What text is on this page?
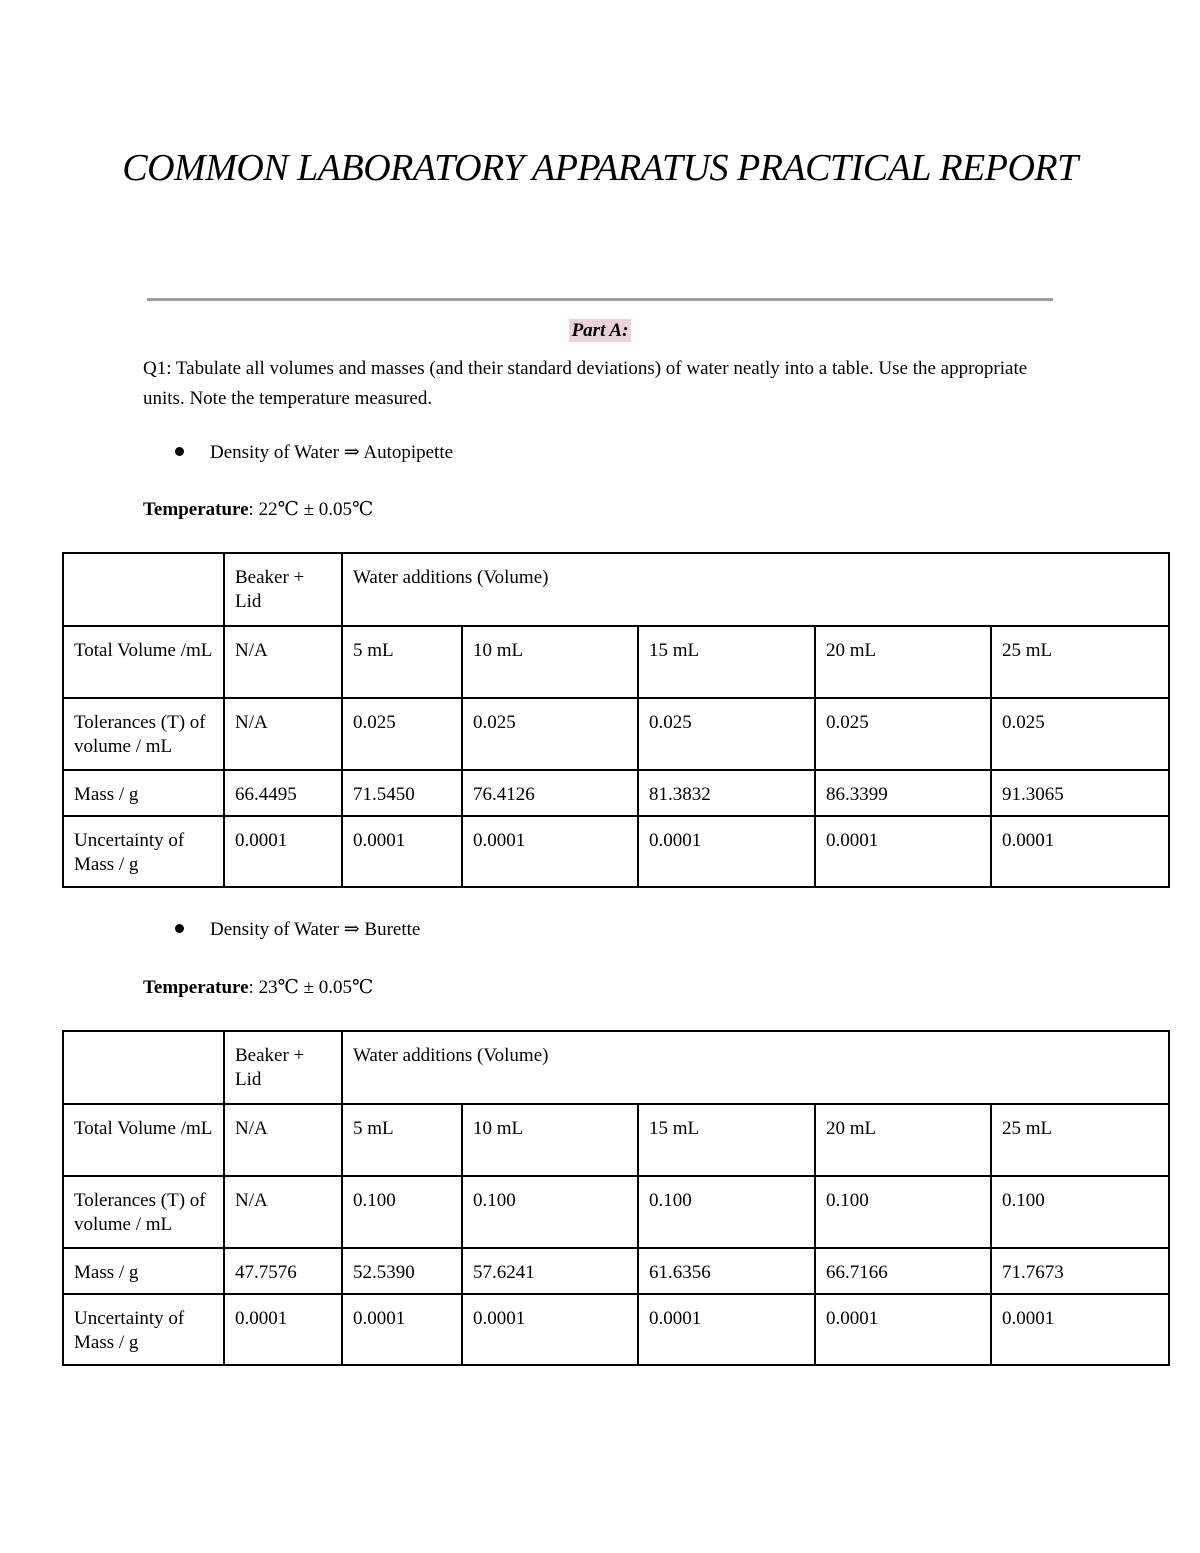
COMMON LABORATORY APPARATUS PRACTICAL REPORT
Part A:
Q1: Tabulate all volumes and masses (and their standard deviations) of water neatly into a table. Use the appropriate units. Note the temperature measured.
Density of Water ⇒ Autopipette
Temperature: 22℃ ± 0.05℃
	Beaker + Lid	Water additions (Volume)				
Total Volume /mL	N/A	5 mL	10 mL	15 mL	20 mL	25 mL
Tolerances (T) of volume / mL	N/A	0.025	0.025	0.025	0.025	0.025
Mass / g	66.4495	71.5450	76.4126	81.3832	86.3399	91.3065
Uncertainty of Mass / g	0.0001	0.0001	0.0001	0.0001	0.0001	0.0001
Density of Water ⇒ Burette
Temperature: 23℃ ± 0.05℃
	Beaker + Lid	Water additions (Volume)				
Total Volume /mL	N/A	5 mL	10 mL	15 mL	20 mL	25 mL
Tolerances (T) of volume / mL	N/A	0.100	0.100	0.100	0.100	0.100
Mass / g	47.7576	52.5390	57.6241	61.6356	66.7166	71.7673
Uncertainty of Mass / g	0.0001	0.0001	0.0001	0.0001	0.0001	0.0001
